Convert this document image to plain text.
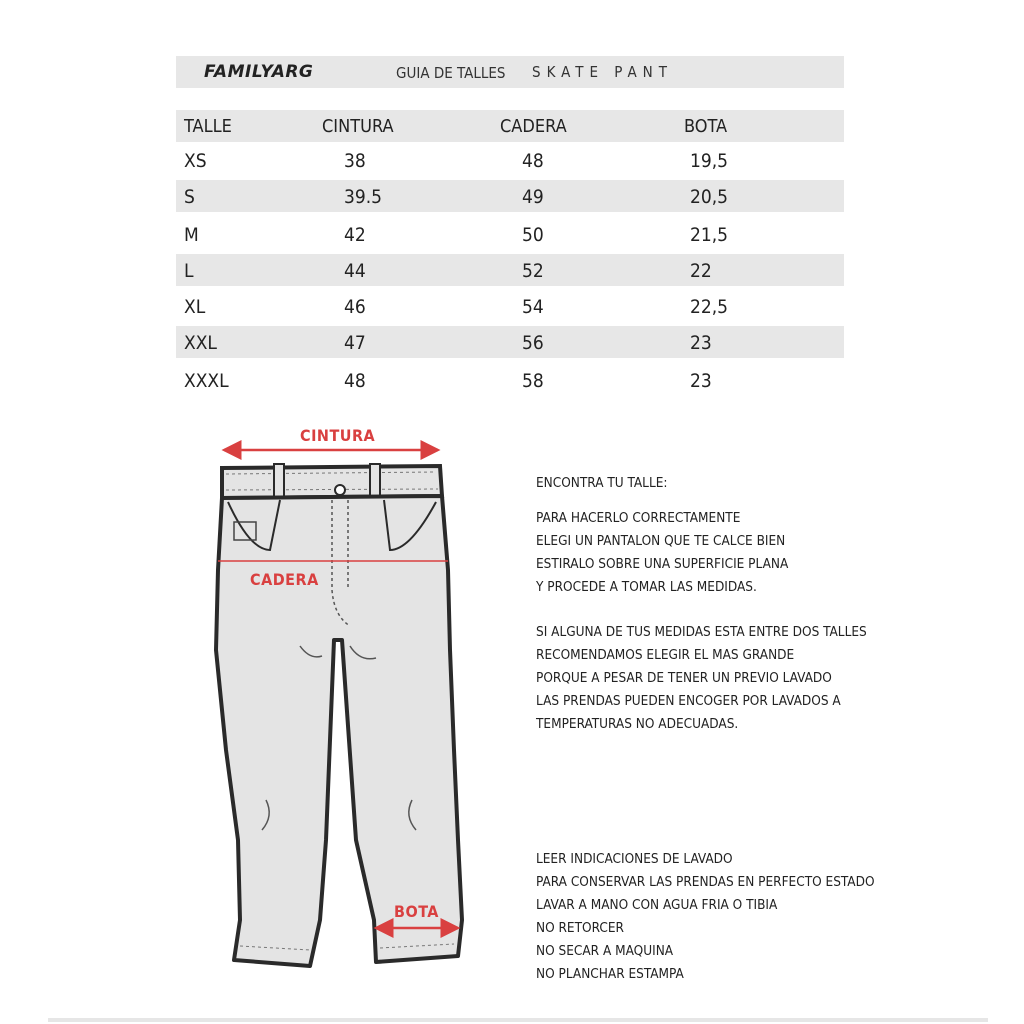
FAMILYARG	GUIA DE TALLES SKATE PANT
TALLE	CINTURA	CADERA	BOTA
XS	38	48	19,5
S	39.5	49	20,5
M	42	50	21,5
L	44	52	22
XL	46	54	22,5
XXL	47	56	23
XXXL	48	58	23
CINTURA
CADERA
BOTA
ENCONTRA TU TALLE:
PARA HACERLO CORRECTAMENTE
ELEGI UN PANTALON QUE TE CALCE BIEN
ESTIRALO SOBRE UNA SUPERFICIE PLANA
Y PROCEDE A TOMAR LAS MEDIDAS.
SI ALGUNA DE TUS MEDIDAS ESTA ENTRE DOS TALLES
RECOMENDAMOS ELEGIR EL MAS GRANDE
PORQUE A PESAR DE TENER UN PREVIO LAVADO
LAS PRENDAS PUEDEN ENCOGER POR LAVADOS A
TEMPERATURAS NO ADECUADAS.
LEER INDICACIONES DE LAVADO
PARA CONSERVAR LAS PRENDAS EN PERFECTO ESTADO
LAVAR A MANO CON AGUA FRIA O TIBIA
NO RETORCER
NO SECAR A MAQUINA
NO PLANCHAR ESTAMPA
